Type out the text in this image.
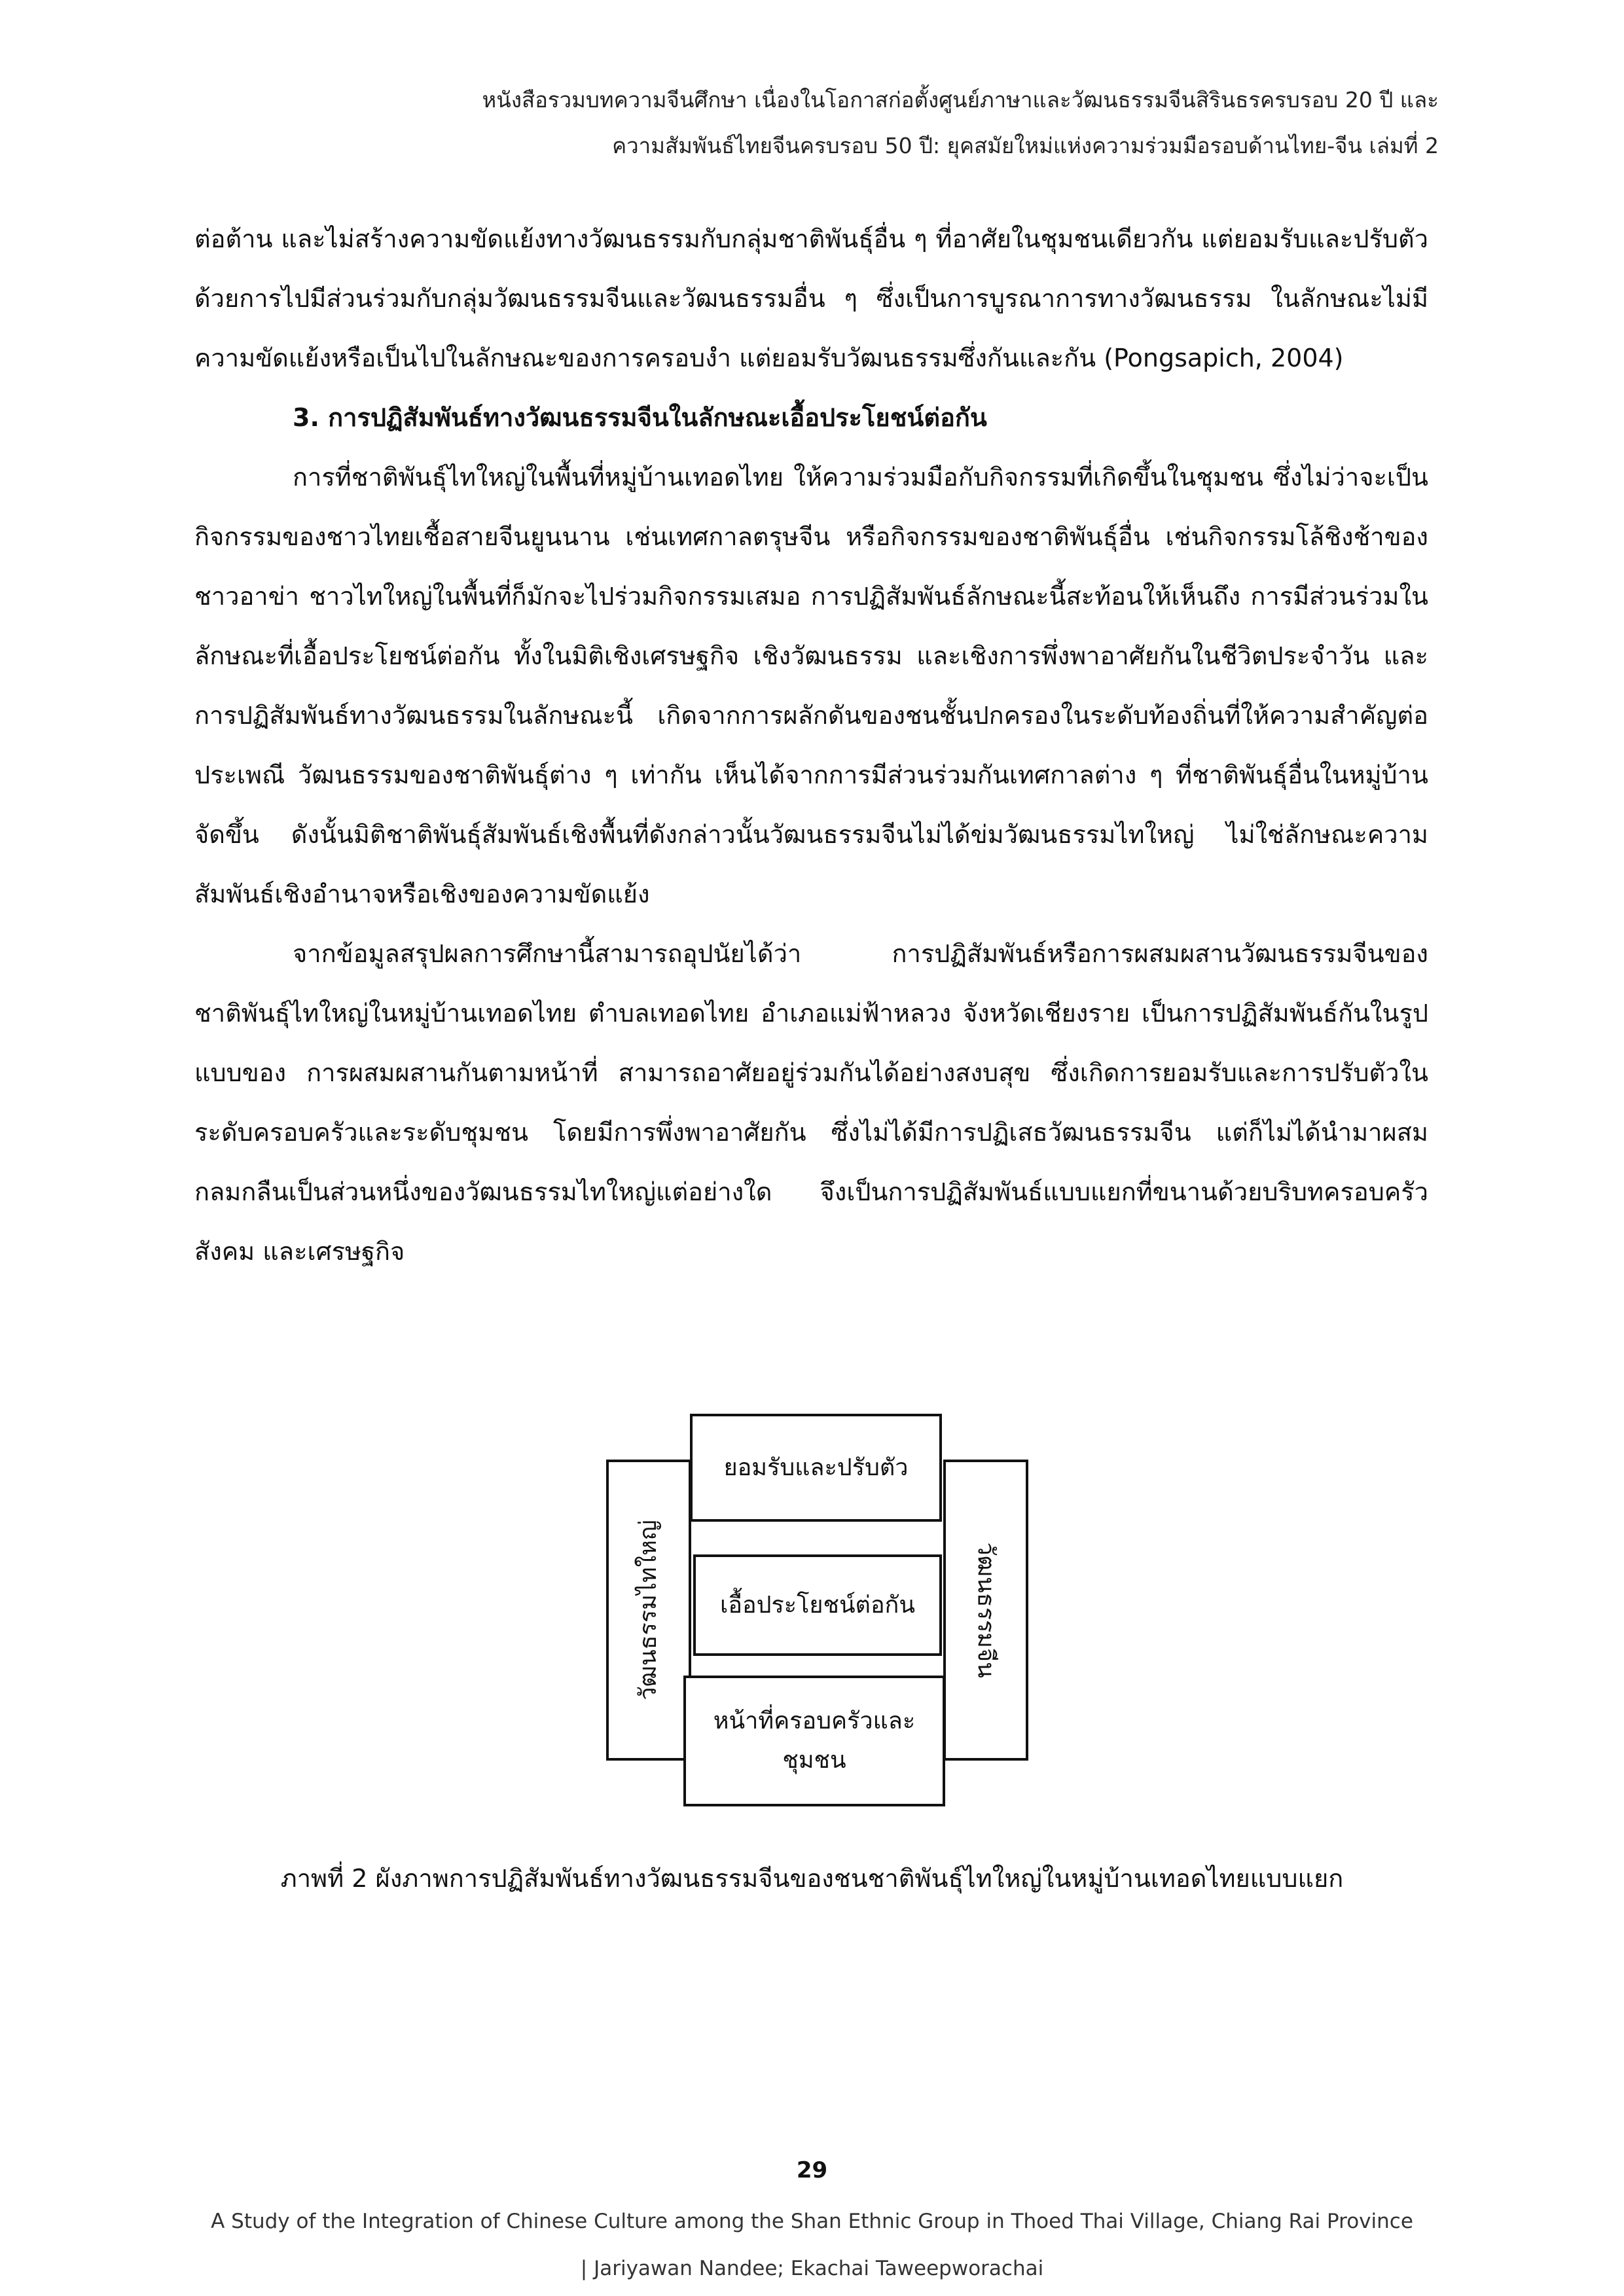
หนังสือรวมบทความจีนศึกษา เนื่องในโอกาสก่อตั้งศูนย์ภาษาและวัฒนธรรมจีนสิรินธรครบรอบ 20 ปี และ
ความสัมพันธ์ไทยจีนครบรอบ 50 ปี: ยุคสมัยใหม่แห่งความร่วมมือรอบด้านไทย-จีน เล่มที่ 2

ต่อต้าน และไม่สร้างความขัดแย้งทางวัฒนธรรมกับกลุ่มชาติพันธุ์อื่น ๆ ที่อาศัยในชุมชนเดียวกัน แต่ยอมรับและปรับตัวด้วยการไปมีส่วนร่วมกับกลุ่มวัฒนธรรมจีนและวัฒนธรรมอื่น ๆ ซึ่งเป็นการบูรณาการทางวัฒนธรรม ในลักษณะไม่มีความขัดแย้งหรือเป็นไปในลักษณะของการครอบงำ แต่ยอมรับวัฒนธรรมซึ่งกันและกัน (Pongsapich, 2004)

3. การปฏิสัมพันธ์ทางวัฒนธรรมจีนในลักษณะเอื้อประโยชน์ต่อกัน

การที่ชาติพันธุ์ไทใหญ่ในพื้นที่หมู่บ้านเทอดไทย ให้ความร่วมมือกับกิจกรรมที่เกิดขึ้นในชุมชน ซึ่งไม่ว่าจะเป็นกิจกรรมของชาวไทยเชื้อสายจีนยูนนาน เช่นเทศกาลตรุษจีน หรือกิจกรรมของชาติพันธุ์อื่น เช่นกิจกรรมโล้ชิงช้าของชาวอาข่า ชาวไทใหญ่ในพื้นที่ก็มักจะไปร่วมกิจกรรมเสมอ การปฏิสัมพันธ์ลักษณะนี้สะท้อนให้เห็นถึง การมีส่วนร่วมในลักษณะที่เอื้อประโยชน์ต่อกัน ทั้งในมิติเชิงเศรษฐกิจ เชิงวัฒนธรรม และเชิงการพึ่งพาอาศัยกันในชีวิตประจำวัน และการปฏิสัมพันธ์ทางวัฒนธรรมในลักษณะนี้ เกิดจากการผลักดันของชนชั้นปกครองในระดับท้องถิ่นที่ให้ความสำคัญต่อประเพณี วัฒนธรรมของชาติพันธุ์ต่าง ๆ เท่ากัน เห็นได้จากการมีส่วนร่วมกันเทศกาลต่าง ๆ ที่ชาติพันธุ์อื่นในหมู่บ้านจัดขึ้น ดังนั้นมิติชาติพันธุ์สัมพันธ์เชิงพื้นที่ดังกล่าวนั้นวัฒนธรรมจีนไม่ได้ข่มวัฒนธรรมไทใหญ่ ไม่ใช่ลักษณะความสัมพันธ์เชิงอำนาจหรือเชิงของความขัดแย้ง

จากข้อมูลสรุปผลการศึกษานี้สามารถอุปนัยได้ว่า การปฏิสัมพันธ์หรือการผสมผสานวัฒนธรรมจีนของชาติพันธุ์ไทใหญ่ในหมู่บ้านเทอดไทย ตำบลเทอดไทย อำเภอแม่ฟ้าหลวง จังหวัดเชียงราย เป็นการปฏิสัมพันธ์กันในรูปแบบของ การผสมผสานกันตามหน้าที่ สามารถอาศัยอยู่ร่วมกันได้อย่างสงบสุข ซึ่งเกิดการยอมรับและการปรับตัวในระดับครอบครัวและระดับชุมชน โดยมีการพึ่งพาอาศัยกัน ซึ่งไม่ได้มีการปฏิเสธวัฒนธรรมจีน แต่ก็ไม่ได้นำมาผสมกลมกลืนเป็นส่วนหนึ่งของวัฒนธรรมไทใหญ่แต่อย่างใด จึงเป็นการปฏิสัมพันธ์แบบแยกที่ขนานด้วยบริบทครอบครัว สังคม และเศรษฐกิจ

วัฒนธรรมไทใหญ่	วัฒนธรรมจีน
ยอมรับและปรับตัว
เอื้อประโยชน์ต่อกัน
หน้าที่ครอบครัวและ
ชุมชน
ภาพที่ 2 ผังภาพการปฏิสัมพันธ์ทางวัฒนธรรมจีนของชนชาติพันธุ์ไทใหญ่ในหมู่บ้านเทอดไทยแบบแยก
29
A Study of the Integration of Chinese Culture among the Shan Ethnic Group in Thoed Thai Village, Chiang Rai Province
| Jariyawan Nandee; Ekachai Taweepworachai
